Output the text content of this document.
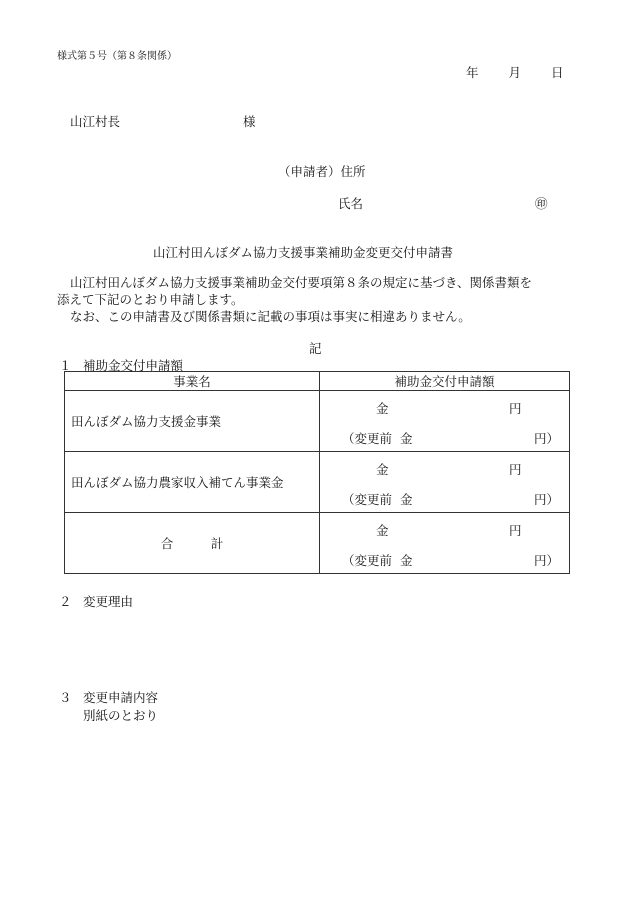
様式第５号（第８条関係）
年 月 日
山江村長	様
（申請者）住所
氏名	㊞
山江村田んぼダム協力支援事業補助金変更交付申請書
山江村田んぼダム協力支援事業補助金交付要項第８条の規定に基づき、関係書類を
添えて下記のとおり申請します。
なお、この申請書及び関係書類に記載の事項は事実に相違ありません。
記
１ 補助金交付申請額
事業名	補助金交付申請額
田んぼダム協力支援金事業	金 円
（変更前 金 円）

田んぼダム協力農家収入補てん事業金	金 円
（変更前 金 円）

合　　　計	金 円
（変更前 金 円）
２ 変更理由
３ 変更申請内容
別紙のとおり
